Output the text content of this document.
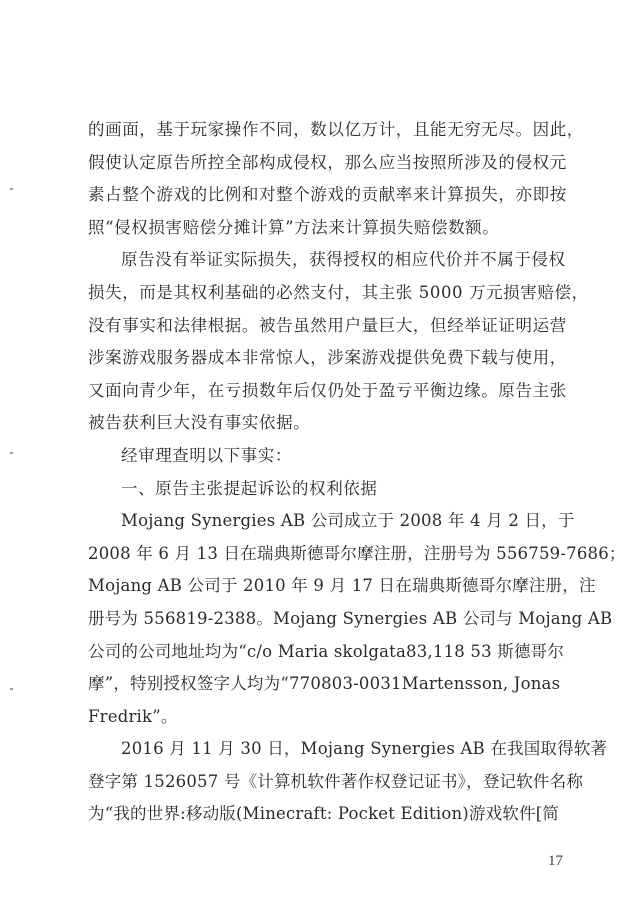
的画面，基于玩家操作不同，数以亿万计，且能无穷无尽。因此，
假使认定原告所控全部构成侵权，那么应当按照所涉及的侵权元
素占整个游戏的比例和对整个游戏的贡献率来计算损失，亦即按
照“侵权损害赔偿分摊计算”方法来计算损失赔偿数额。
原告没有举证实际损失，获得授权的相应代价并不属于侵权
损失，而是其权利基础的必然支付，其主张 5000 万元损害赔偿，
没有事实和法律根据。被告虽然用户量巨大，但经举证证明运营
涉案游戏服务器成本非常惊人，涉案游戏提供免费下载与使用，
又面向青少年，在亏损数年后仅仍处于盈亏平衡边缘。原告主张
被告获利巨大没有事实依据。
经审理查明以下事实：
一、原告主张提起诉讼的权利依据
Mojang Synergies AB 公司成立于 2008 年 4 月 2 日，于
2008 年 6 月 13 日在瑞典斯德哥尔摩注册，注册号为 556759-7686；
Mojang AB 公司于 2010 年 9 月 17 日在瑞典斯德哥尔摩注册，注
册号为 556819-2388。Mojang Synergies AB 公司与 Mojang AB
公司的公司地址均为“c/o Maria skolgata83,118 53 斯德哥尔
摩”，特别授权签字人均为“770803-0031Martensson, Jonas
Fredrik”。
2016 月 11 月 30 日，Mojang Synergies AB 在我国取得软著
登字第 1526057 号《计算机软件著作权登记证书》，登记软件名称
为“我的世界:移动版(Minecraft: Pocket Edition)游戏软件[简
17
